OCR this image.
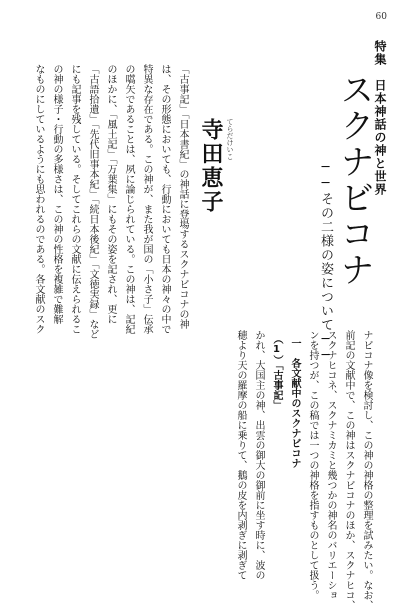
60
特集　日本神話の神と世界
スクナビコナ
──その二様の姿について──
てらだけいこ
寺田恵子

「古事記」「日本書紀」の神話に登場するスクナビコナの神

は、その形態においても、行動においても日本の神々の中で

特異な存在である。この神が、また我が国の「小さ子」伝承

の嚆矢であることは、夙に論じられている。この神は、記紀

のほかに、「風土記」「万葉集」にもその姿を記され、更に

「古語拾遺」「先代旧事本紀」「続日本後紀」「文徳実録」など

にも記事を残している。そしてこれらの文献に伝えられるこ

の神の様子・行動の多様さは、この神の性格を複雑で難解

なものにしているようにも思われるのである。各文献のスク

ナビコナ像を検討し、この神の神格の整理を試みたい。なお、

前記の文献中で、この神はスクナビコナのほか、スクナヒコ、

スクナヒコネ、スクナミカミと幾つかの神名のバリエーショ

ンを持つが、この稿では一つの神格を指すものとして扱う。

一　各文献中のスクナビコナ

（1）「古事記」

かれ、大国主の神、出雲の御大の御前に坐す時に、波の

穂より天の羅摩の船に乗りて、鵝の皮を内剥ぎに剥ぎて
